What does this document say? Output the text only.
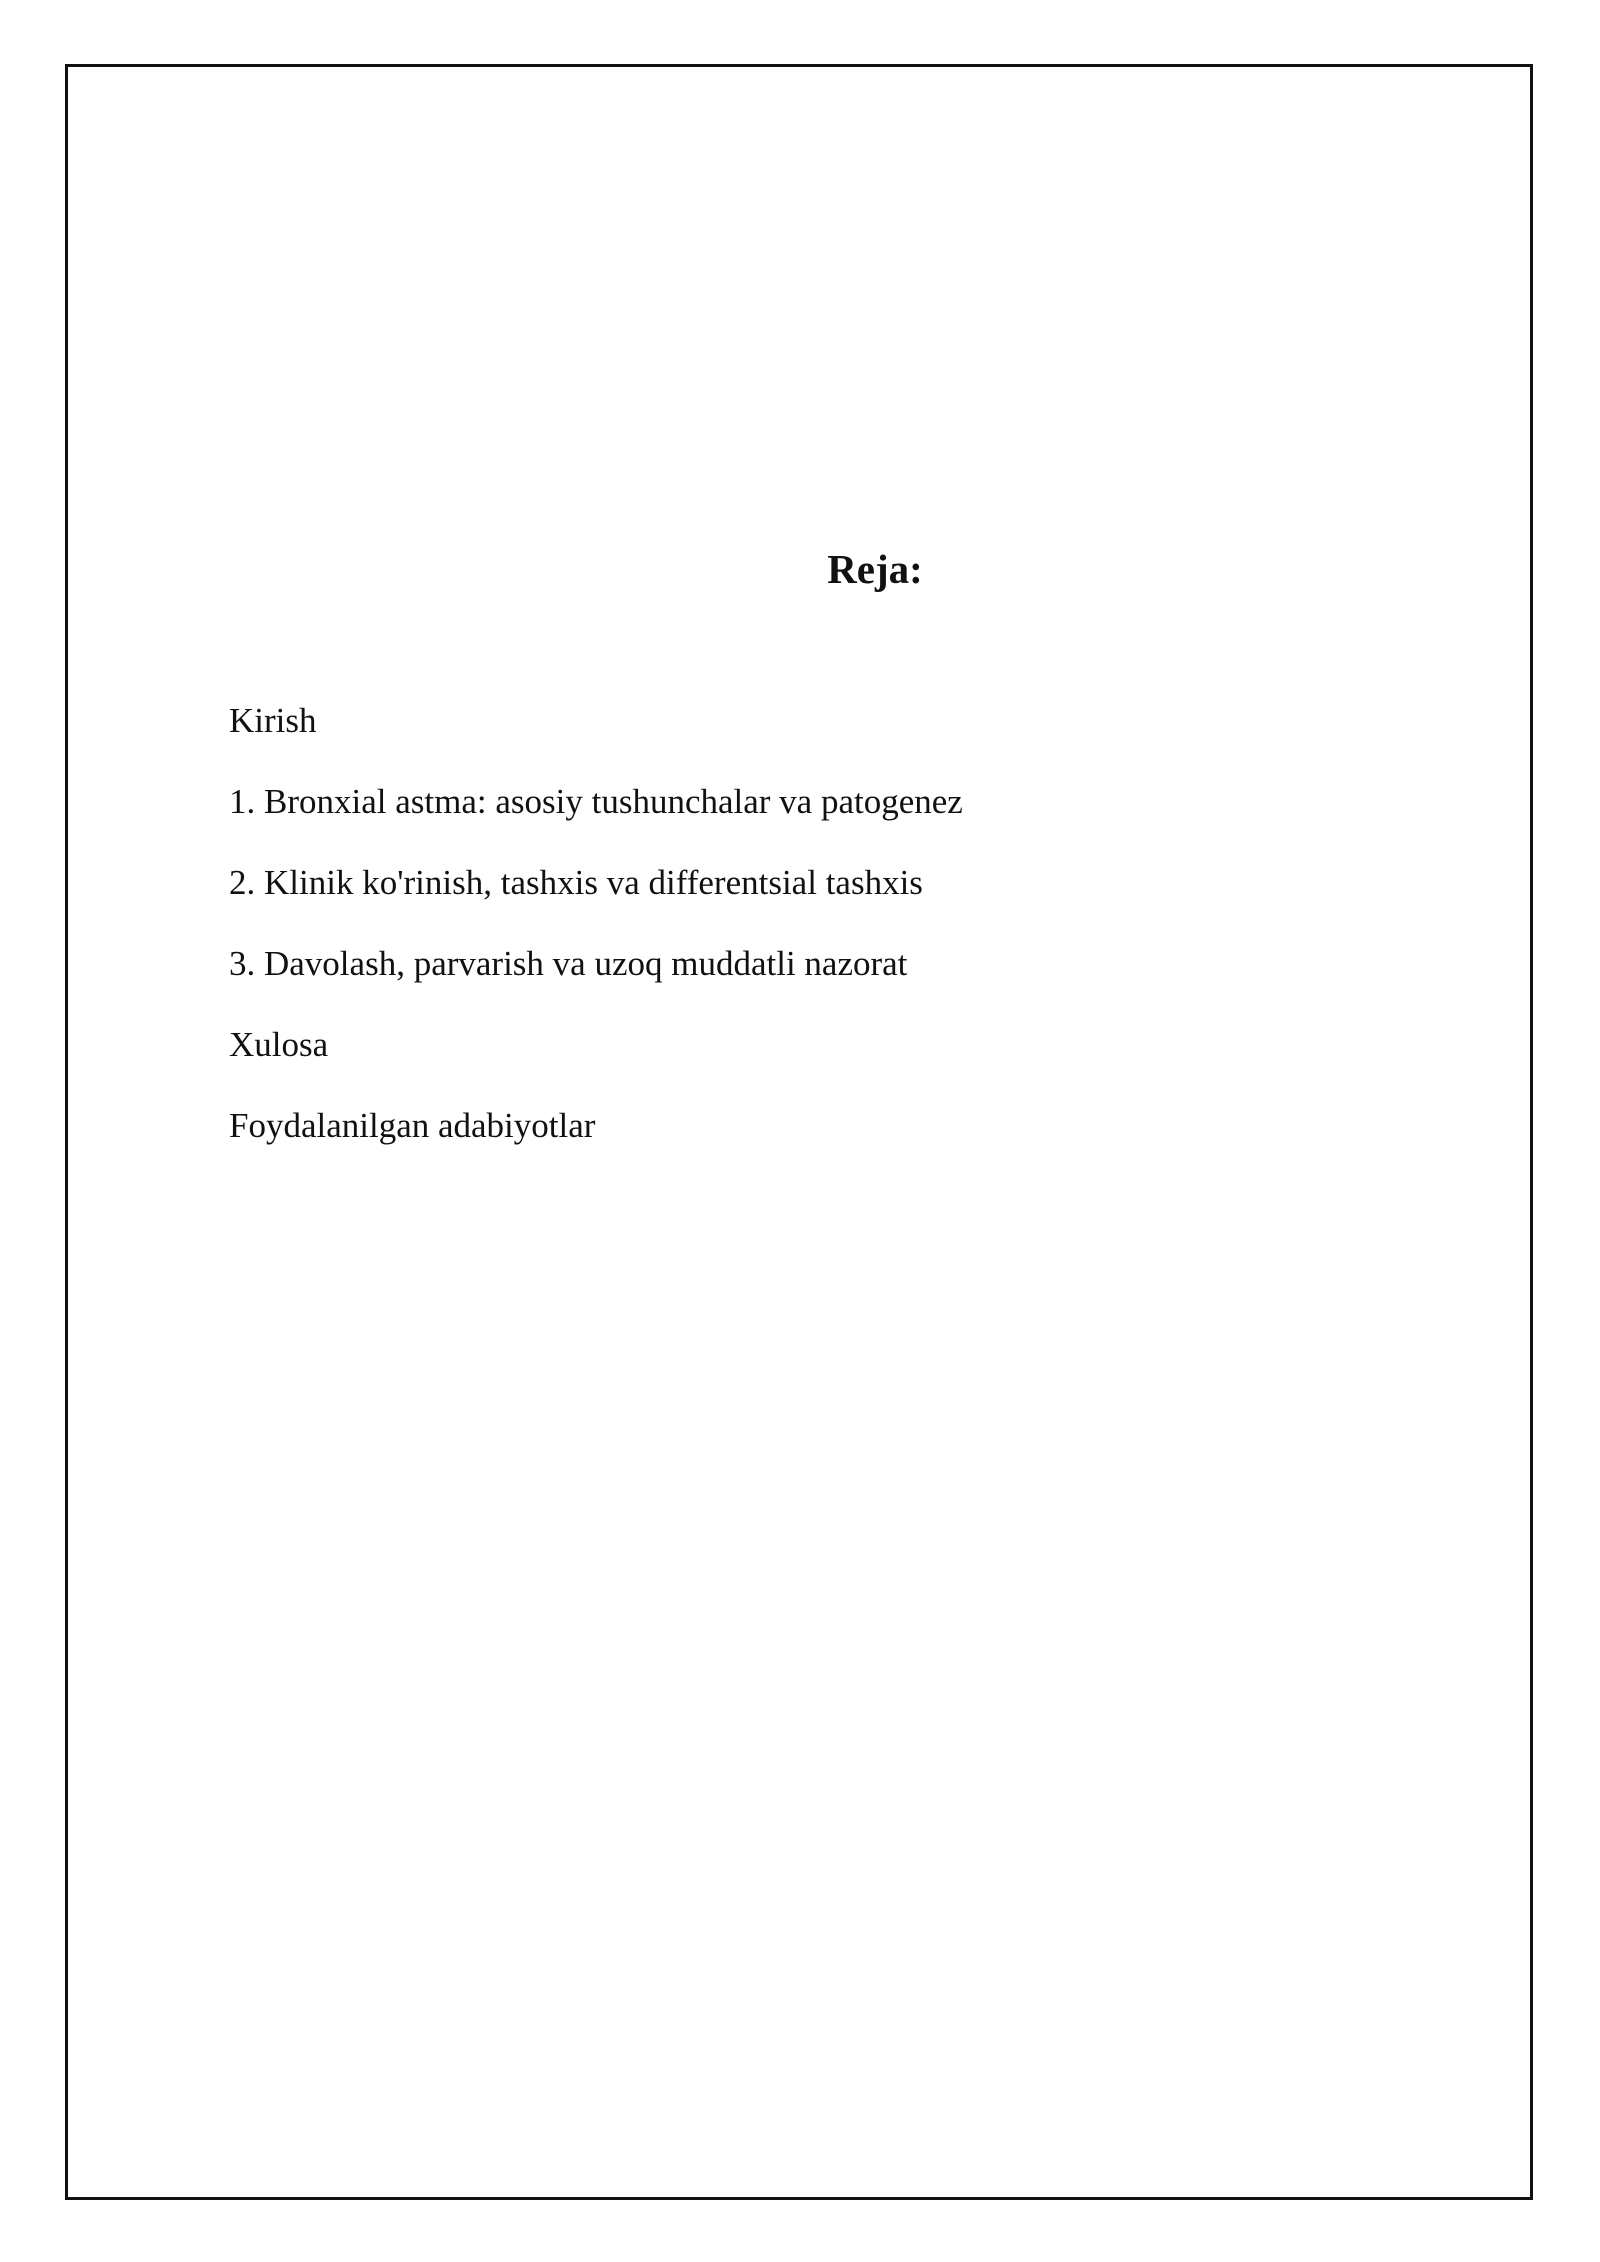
Reja:
Kirish
1. Bronxial astma: asosiy tushunchalar va patogenez
2. Klinik ko'rinish, tashxis va differentsial tashxis
3. Davolash, parvarish va uzoq muddatli nazorat
Xulosa
Foydalanilgan adabiyotlar
